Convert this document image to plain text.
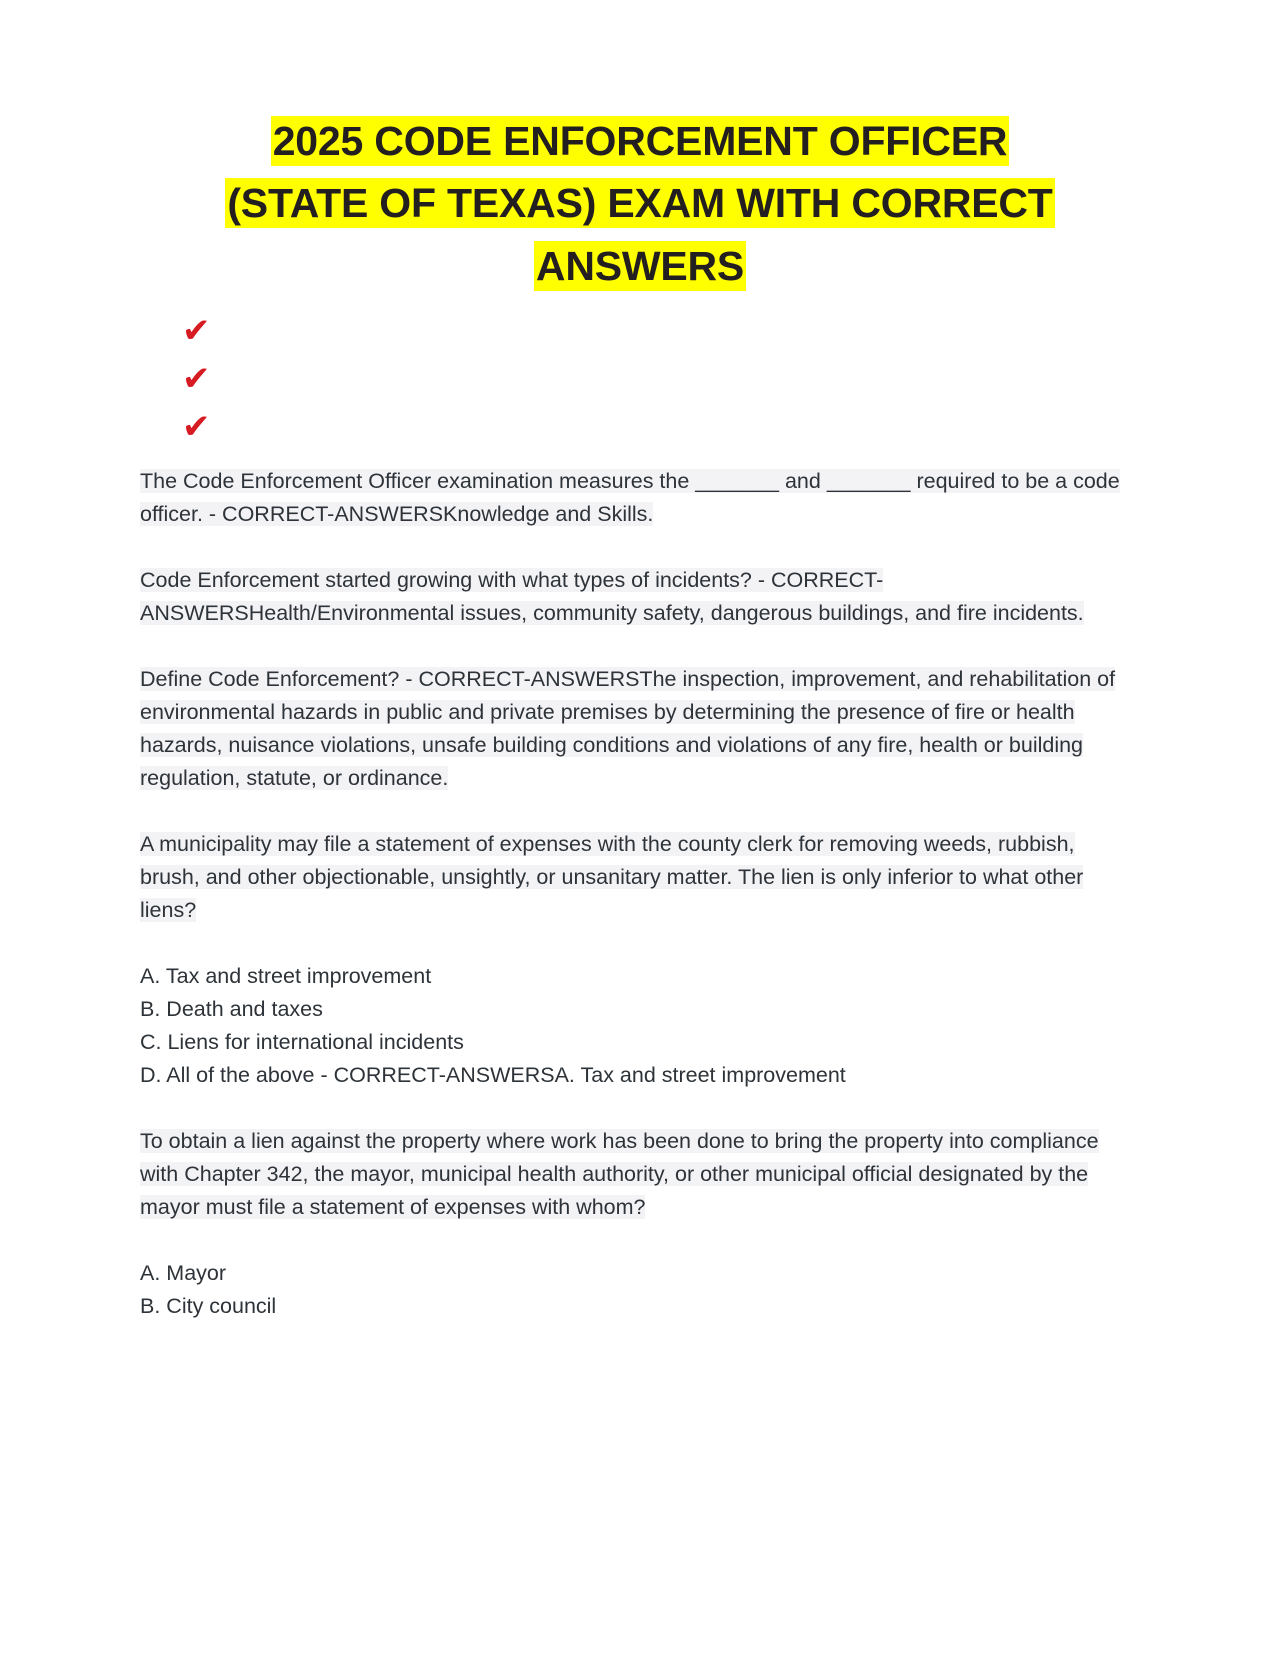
2025 CODE ENFORCEMENT OFFICER
(STATE OF TEXAS) EXAM WITH CORRECT
ANSWERS
✔
✔
✔

The Code Enforcement Officer examination measures the _______ and _______ required to be a code officer. - CORRECT-ANSWERSKnowledge and Skills.

Code Enforcement started growing with what types of incidents? - CORRECT-ANSWERSHealth/Environmental issues, community safety, dangerous buildings, and fire incidents.

Define Code Enforcement? - CORRECT-ANSWERSThe inspection, improvement, and rehabilitation of environmental hazards in public and private premises by determining the presence of fire or health hazards, nuisance violations, unsafe building conditions and violations of any fire, health or building regulation, statute, or ordinance.

A municipality may file a statement of expenses with the county clerk for removing weeds, rubbish, brush, and other objectionable, unsightly, or unsanitary matter. The lien is only inferior to what other liens?

A. Tax and street improvement
B. Death and taxes
C. Liens for international incidents
D. All of the above - CORRECT-ANSWERSA. Tax and street improvement

To obtain a lien against the property where work has been done to bring the property into compliance with Chapter 342, the mayor, municipal health authority, or other municipal official designated by the mayor must file a statement of expenses with whom?

A. Mayor
B. City council
